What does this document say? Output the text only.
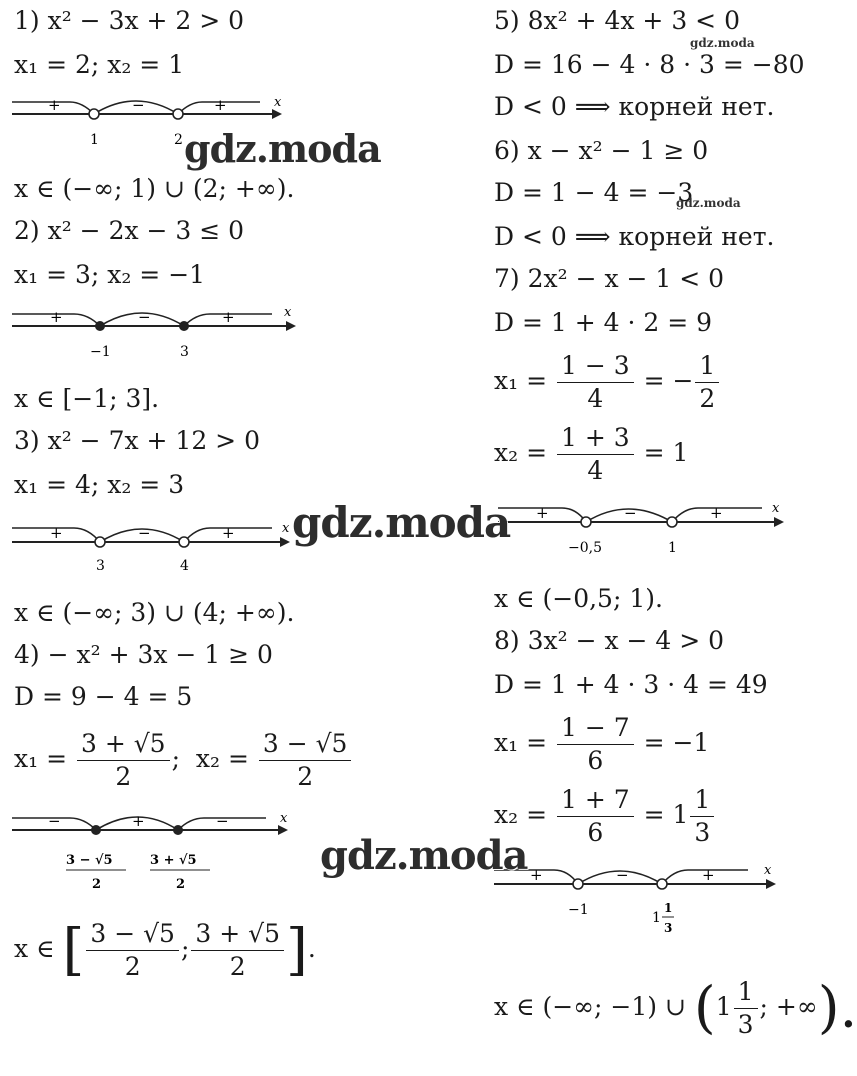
1) x² − 3x + 2 > 0
x₁ = 2; x₂ = 1
+	−	+	x
1	2
x ∈ (−∞; 1) ∪ (2; +∞).
2) x² − 2x − 3 ≤ 0
x₁ = 3; x₂ = −1
+	−	+	x
−1	3
x ∈ [−1; 3].
3) x² − 7x + 12 > 0
x₁ = 4; x₂ = 3
+	−	+	x
3	4
x ∈ (−∞; 3) ∪ (4; +∞).
4) − x² + 3x − 1 ≥ 0
D = 9 − 4 = 5
$x_1 = \frac{3 + √5}{2}$ ; $x_2 = \frac{3 - √5}{2}$
−	+	−	x
3 − √5
2
3 + √5
2
x ∈ [ $\frac{3 - √5}{2}$ ; $\frac{3 + √5}{2}$ ].
5) 8x² + 4x + 3 < 0
D = 16 − 4 · 8 · 3 = −80
D < 0 ⟹ корней нет.
6) x − x² − 1 ≥ 0
D = 1 − 4 = −3
D < 0 ⟹ корней нет.
7) 2x² − x − 1 < 0
D = 1 + 4 · 2 = 9
$x_1 = \frac{1 - 3}{4}$ = − $\frac{1}{2}$
$x_2 = \frac{1 + 3}{4} = 1$
+	−	+	x
−0,5	1
x ∈ (−0,5; 1).
8) 3x² − x − 4 > 0
D = 1 + 4 · 3 · 4 = 49
$x_1 = \frac{1 - 7}{6} = -1$
$x_2 = \frac{1 + 7}{6} = 1 \frac{1}{3}$
+	−	+	x
−1	1
1
3
x ∈ (−∞; −1) ∪ ($1 \frac{1}{3}$ ; +∞).
gdz.moda
gdz.moda
gdz.moda
gdz.moda
gdz.moda
